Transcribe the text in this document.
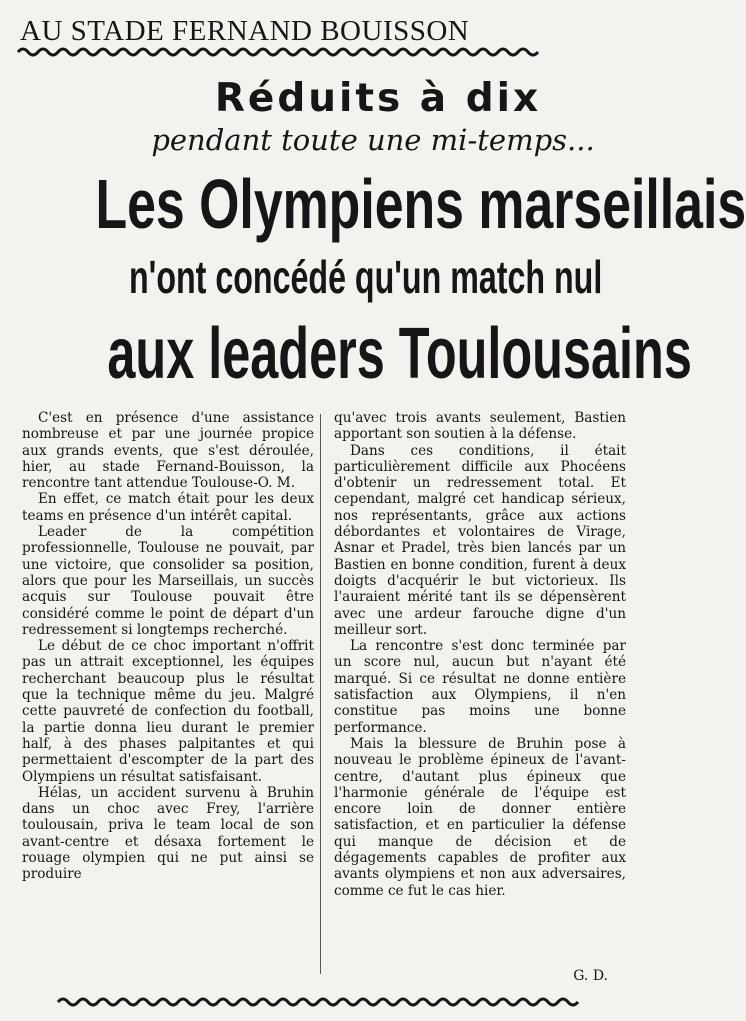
AU STADE FERNAND BOUISSON
Réduits à dix
pendant toute une mi-temps...
Les Olympiens marseillais
n'ont concédé qu'un match nul
aux leaders Toulousains

C'est en présence d'une assistance nombreuse et par une journée propice aux grands events, que s'est déroulée, hier, au stade Fernand-Bouisson, la rencontre tant attendue Toulouse-O. M.

En effet, ce match était pour les deux teams en présence d'un intérêt capital.

Leader de la compétition professionnelle, Toulouse ne pouvait, par une victoire, que consolider sa position, alors que pour les Marseillais, un succès acquis sur Toulouse pouvait être considéré comme le point de départ d'un redressement si longtemps recherché.

Le début de ce choc important n'offrit pas un attrait exceptionnel, les équipes recherchant beaucoup plus le résultat que la technique même du jeu. Malgré cette pauvreté de confection du football, la partie donna lieu durant le premier half, à des phases palpitantes et qui permettaient d'escompter de la part des Olympiens un résultat satisfaisant.

Hélas, un accident survenu à Bruhin dans un choc avec Frey, l'arrière toulousain, priva le team local de son avant-centre et désaxa fortement le rouage olympien qui ne put ainsi se produire

qu'avec trois avants seulement, Bastien apportant son soutien à la défense.

Dans ces conditions, il était particulièrement difficile aux Phocéens d'obtenir un redressement total. Et cependant, malgré cet handicap sérieux, nos représentants, grâce aux actions débordantes et volontaires de Virage, Asnar et Pradel, très bien lancés par un Bastien en bonne condition, furent à deux doigts d'acquérir le but victorieux. Ils l'auraient mérité tant ils se dépensèrent avec une ardeur farouche digne d'un meilleur sort.

La rencontre s'est donc terminée par un score nul, aucun but n'ayant été marqué. Si ce résultat ne donne entière satisfaction aux Olympiens, il n'en constitue pas moins une bonne performance.

Mais la blessure de Bruhin pose à nouveau le problème épineux de l'avant-centre, d'autant plus épineux que l'harmonie générale de l'équipe est encore loin de donner entière satisfaction, et en particulier la défense qui manque de décision et de dégagements capables de profiter aux avants olympiens et non aux adversaires, comme ce fut le cas hier.

G. D.
